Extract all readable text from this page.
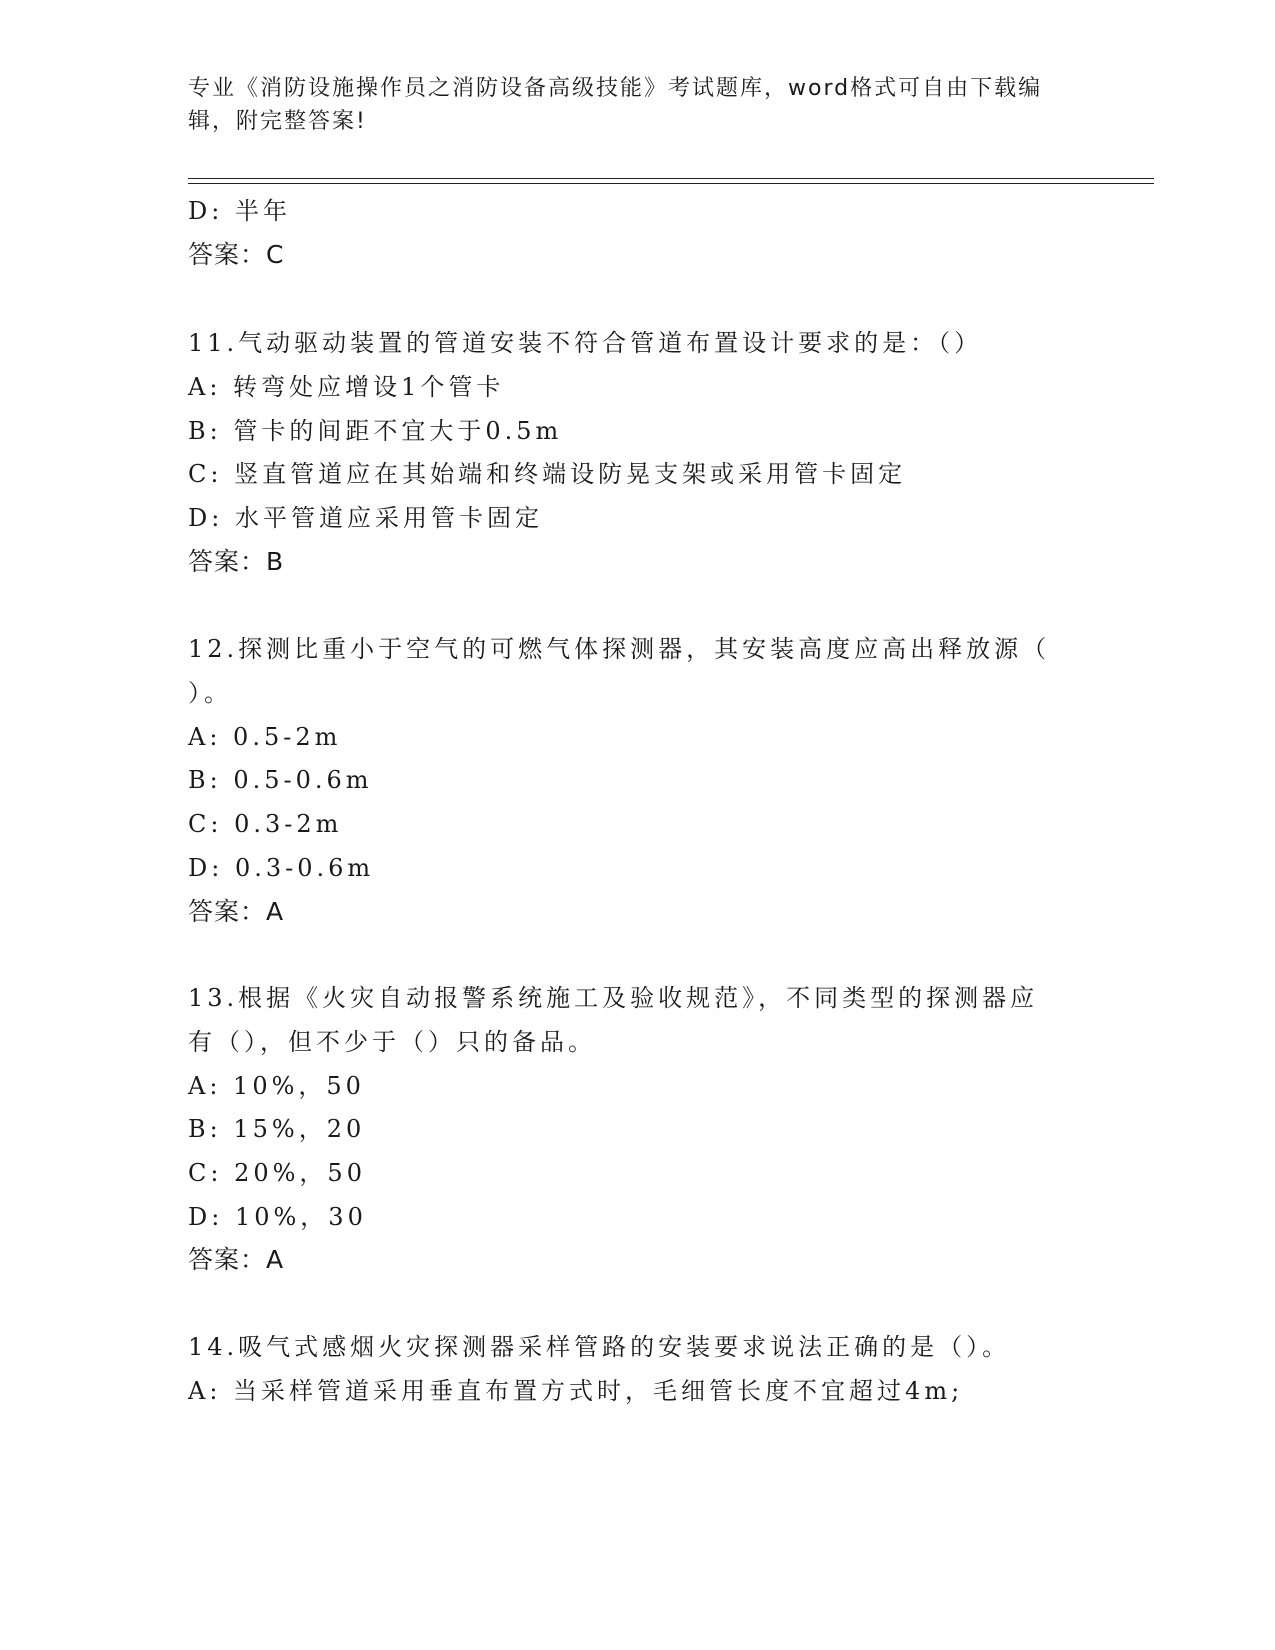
专业《消防设施操作员之消防设备高级技能》考试题库，word格式可自由下载编
辑，附完整答案!
D: 半年
答案：C
11.气动驱动装置的管道安装不符合管道布置设计要求的是：（）
A: 转弯处应增设1个管卡
B: 管卡的间距不宜大于0.5m
C: 竖直管道应在其始端和终端设防晃支架或采用管卡固定
D: 水平管道应采用管卡固定
答案：B
12.探测比重小于空气的可燃气体探测器，其安装高度应高出释放源（
）。
A: 0.5-2m
B: 0.5-0.6m
C: 0.3-2m
D: 0.3-0.6m
答案：A
13.根据《火灾自动报警系统施工及验收规范》，不同类型的探测器应
有（），但不少于（）只的备品。
A: 10%，50
B: 15%，20
C: 20%，50
D: 10%，30
答案：A
14.吸气式感烟火灾探测器采样管路的安装要求说法正确的是（）。
A: 当采样管道采用垂直布置方式时，毛细管长度不宜超过4m;
